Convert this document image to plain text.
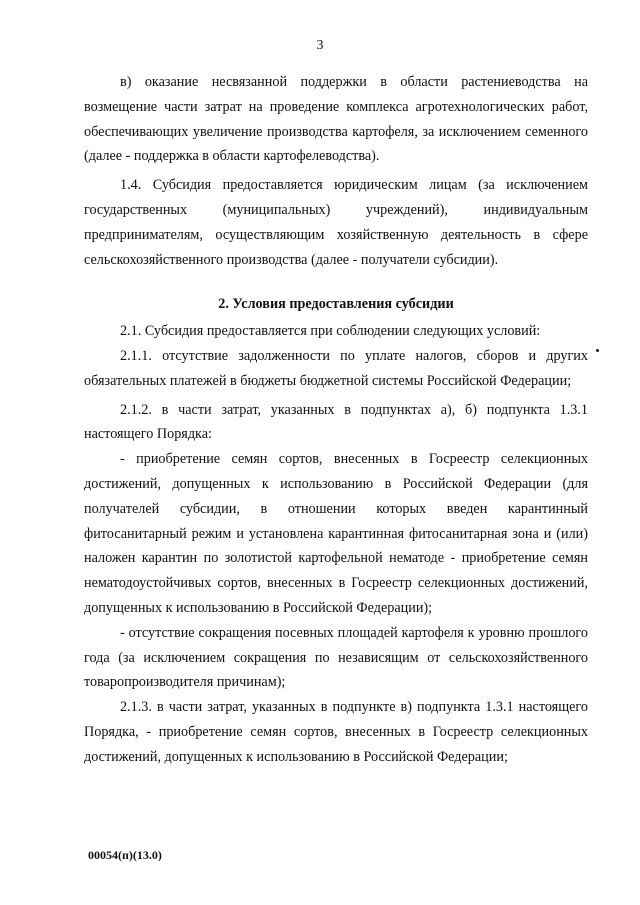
3

в) оказание несвязанной поддержки в области растениеводства на возмещение части затрат на проведение комплекса агротехнологических работ, обеспечивающих увеличение производства картофеля, за исключением семенного (далее - поддержка в области картофелеводства).

1.4. Субсидия предоставляется юридическим лицам (за исключением государственных (муниципальных) учреждений), индивидуальным предпринимателям, осуществляющим хозяйственную деятельность в сфере сельскохозяйственного производства (далее - получатели субсидии).

2. Условия предоставления субсидии

2.1. Субсидия предоставляется при соблюдении следующих условий:

2.1.1. отсутствие задолженности по уплате налогов, сборов и других обязательных платежей в бюджеты бюджетной системы Российской Федерации;

2.1.2. в части затрат, указанных в подпунктах а), б) подпункта 1.3.1 настоящего Порядка:

- приобретение семян сортов, внесенных в Госреестр селекционных достижений, допущенных к использованию в Российской Федерации (для получателей субсидии, в отношении которых введен карантинный фитосанитарный режим и установлена карантинная фитосанитарная зона и (или) наложен карантин по золотистой картофельной нематоде - приобретение семян нематодоустойчивых сортов, внесенных в Госреестр селекционных достижений, допущенных к использованию в Российской Федерации);

- отсутствие сокращения посевных площадей картофеля к уровню прошлого года (за исключением сокращения по независящим от сельскохозяйственного товаропроизводителя причинам);

2.1.3. в части затрат, указанных в подпункте в) подпункта 1.3.1 настоящего Порядка, - приобретение семян сортов, внесенных в Госреестр селекционных достижений, допущенных к использованию в Российской Федерации;

00054(п)(13.0)
